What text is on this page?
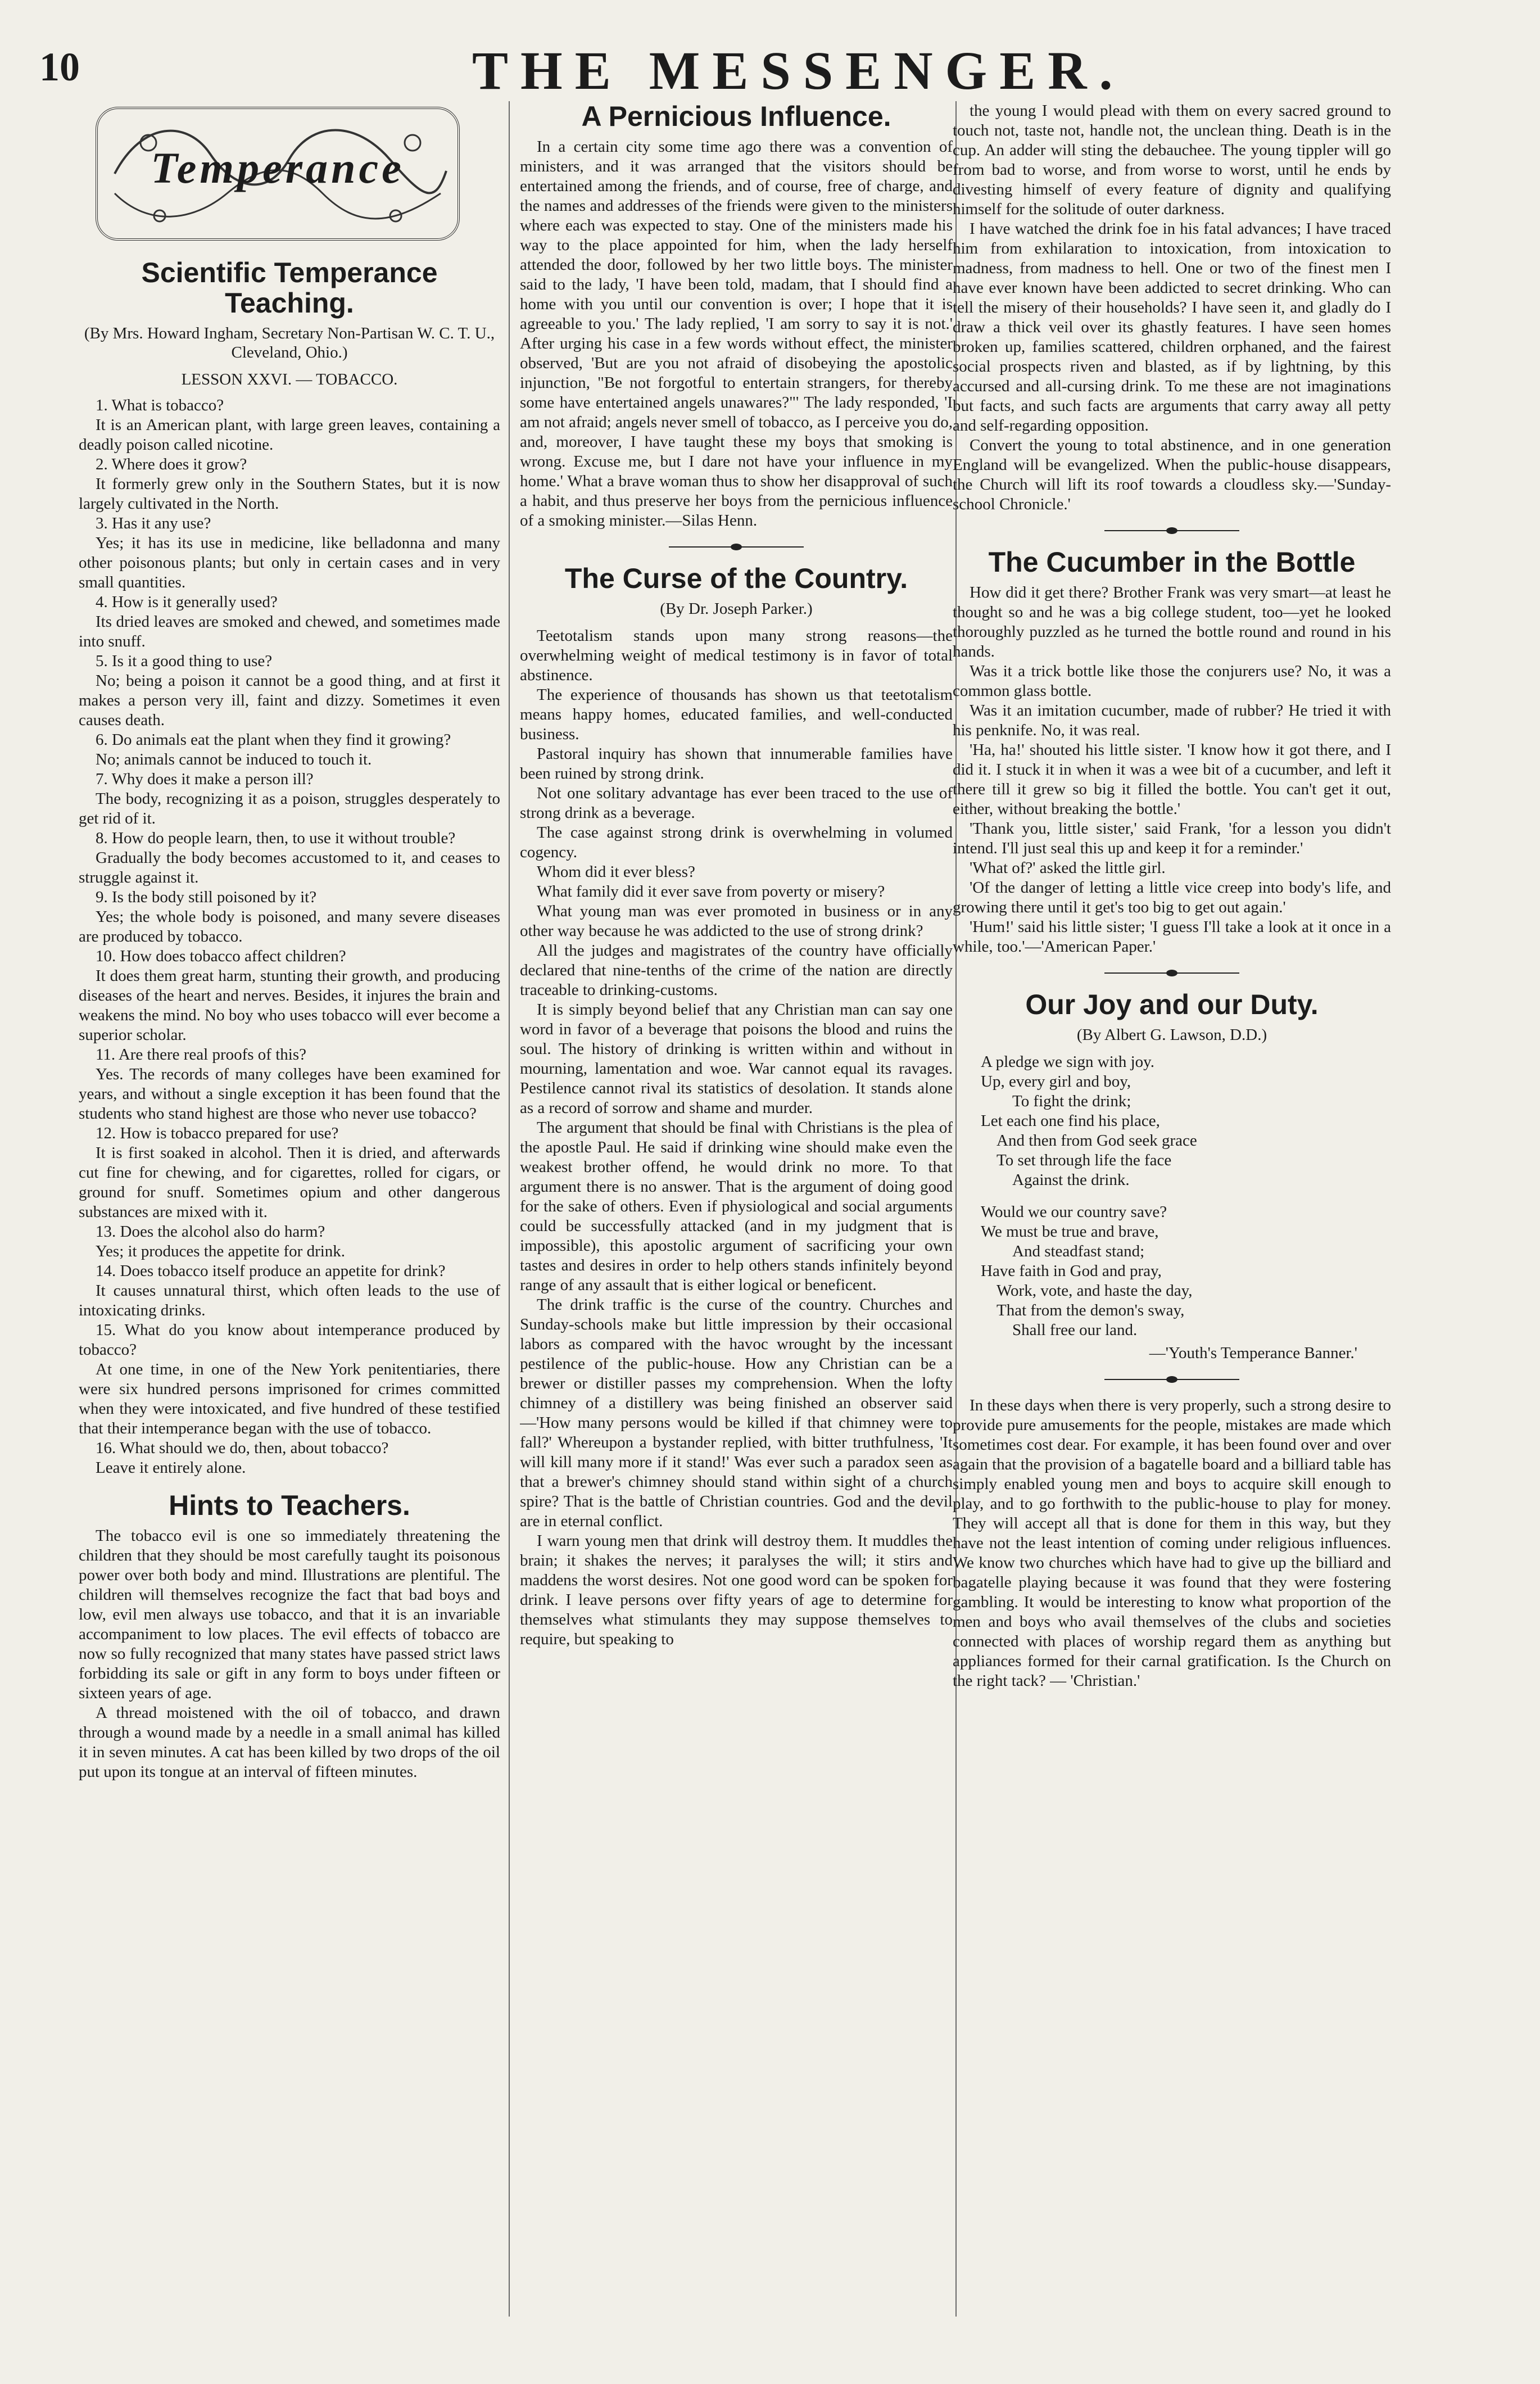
10	THE MESSENGER.
Temperance
Scientific Temperance Teaching.
(By Mrs. Howard Ingham, Secretary Non-Partisan W. C. T. U., Cleveland, Ohio.)
LESSON XXVI. — TOBACCO.

1. What is tobacco?

It is an American plant, with large green leaves, containing a deadly poison called nicotine.

2. Where does it grow?

It formerly grew only in the Southern States, but it is now largely cultivated in the North.

3. Has it any use?

Yes; it has its use in medicine, like belladonna and many other poisonous plants; but only in certain cases and in very small quantities.

4. How is it generally used?

Its dried leaves are smoked and chewed, and sometimes made into snuff.

5. Is it a good thing to use?

No; being a poison it cannot be a good thing, and at first it makes a person very ill, faint and dizzy. Sometimes it even causes death.

6. Do animals eat the plant when they find it growing?

No; animals cannot be induced to touch it.

7. Why does it make a person ill?

The body, recognizing it as a poison, struggles desperately to get rid of it.

8. How do people learn, then, to use it without trouble?

Gradually the body becomes accustomed to it, and ceases to struggle against it.

9. Is the body still poisoned by it?

Yes; the whole body is poisoned, and many severe diseases are produced by tobacco.

10. How does tobacco affect children?

It does them great harm, stunting their growth, and producing diseases of the heart and nerves. Besides, it injures the brain and weakens the mind. No boy who uses tobacco will ever become a superior scholar.

11. Are there real proofs of this?

Yes. The records of many colleges have been examined for years, and without a single exception it has been found that the students who stand highest are those who never use tobacco?

12. How is tobacco prepared for use?

It is first soaked in alcohol. Then it is dried, and afterwards cut fine for chewing, and for cigarettes, rolled for cigars, or ground for snuff. Sometimes opium and other dangerous substances are mixed with it.

13. Does the alcohol also do harm?

Yes; it produces the appetite for drink.

14. Does tobacco itself produce an appetite for drink?

It causes unnatural thirst, which often leads to the use of intoxicating drinks.

15. What do you know about intemperance produced by tobacco?

At one time, in one of the New York penitentiaries, there were six hundred persons imprisoned for crimes committed when they were intoxicated, and five hundred of these testified that their intemperance began with the use of tobacco.

16. What should we do, then, about tobacco?

Leave it entirely alone.

Hints to Teachers.

The tobacco evil is one so immediately threatening the children that they should be most carefully taught its poisonous power over both body and mind. Illustrations are plentiful. The children will themselves recognize the fact that bad boys and low, evil men always use tobacco, and that it is an invariable accompaniment to low places. The evil effects of tobacco are now so fully recognized that many states have passed strict laws forbidding its sale or gift in any form to boys under fifteen or sixteen years of age.

A thread moistened with the oil of tobacco, and drawn through a wound made by a needle in a small animal has killed it in seven minutes. A cat has been killed by two drops of the oil put upon its tongue at an interval of fifteen minutes.

A Pernicious Influence.

In a certain city some time ago there was a convention of ministers, and it was arranged that the visitors should be entertained among the friends, and of course, free of charge, and the names and addresses of the friends were given to the ministers where each was expected to stay. One of the ministers made his way to the place appointed for him, when the lady herself attended the door, followed by her two little boys. The minister said to the lady, 'I have been told, madam, that I should find a home with you until our convention is over; I hope that it is agreeable to you.' The lady replied, 'I am sorry to say it is not.' After urging his case in a few words without effect, the minister observed, 'But are you not afraid of disobeying the apostolic injunction, "Be not forgotful to entertain strangers, for thereby some have entertained angels unawares?"' The lady responded, 'I am not afraid; angels never smell of tobacco, as I perceive you do, and, moreover, I have taught these my boys that smoking is wrong. Excuse me, but I dare not have your influence in my home.' What a brave woman thus to show her disapproval of such a habit, and thus preserve her boys from the pernicious influence of a smoking minister.—Silas Henn.

The Curse of the Country.
(By Dr. Joseph Parker.)

Teetotalism stands upon many strong reasons—the overwhelming weight of medical testimony is in favor of total abstinence.

The experience of thousands has shown us that teetotalism means happy homes, educated families, and well-conducted business.

Pastoral inquiry has shown that innumerable families have been ruined by strong drink.

Not one solitary advantage has ever been traced to the use of strong drink as a beverage.

The case against strong drink is overwhelming in volumed cogency.

Whom did it ever bless?

What family did it ever save from poverty or misery?

What young man was ever promoted in business or in any other way because he was addicted to the use of strong drink?

All the judges and magistrates of the country have officially declared that nine-tenths of the crime of the nation are directly traceable to drinking-customs.

It is simply beyond belief that any Christian man can say one word in favor of a beverage that poisons the blood and ruins the soul. The history of drinking is written within and without in mourning, lamentation and woe. War cannot equal its ravages. Pestilence cannot rival its statistics of desolation. It stands alone as a record of sorrow and shame and murder.

The argument that should be final with Christians is the plea of the apostle Paul. He said if drinking wine should make even the weakest brother offend, he would drink no more. To that argument there is no answer. That is the argument of doing good for the sake of others. Even if physiological and social arguments could be successfully attacked (and in my judgment that is impossible), this apostolic argument of sacrificing your own tastes and desires in order to help others stands infinitely beyond range of any assault that is either logical or beneficent.

The drink traffic is the curse of the country. Churches and Sunday-schools make but little impression by their occasional labors as compared with the havoc wrought by the incessant pestilence of the public-house. How any Christian can be a brewer or distiller passes my comprehension. When the lofty chimney of a distillery was being finished an observer said—'How many persons would be killed if that chimney were to fall?' Whereupon a bystander replied, with bitter truthfulness, 'It will kill many more if it stand!' Was ever such a paradox seen as that a brewer's chimney should stand within sight of a church spire? That is the battle of Christian countries. God and the devil are in eternal conflict.

I warn young men that drink will destroy them. It muddles the brain; it shakes the nerves; it paralyses the will; it stirs and maddens the worst desires. Not one good word can be spoken for drink. I leave persons over fifty years of age to determine for themselves what stimulants they may suppose themselves to require, but speaking to

the young I would plead with them on every sacred ground to touch not, taste not, handle not, the unclean thing. Death is in the cup. An adder will sting the debauchee. The young tippler will go from bad to worse, and from worse to worst, until he ends by divesting himself of every feature of dignity and qualifying himself for the solitude of outer darkness.

I have watched the drink foe in his fatal advances; I have traced him from exhilaration to intoxication, from intoxication to madness, from madness to hell. One or two of the finest men I have ever known have been addicted to secret drinking. Who can tell the misery of their households? I have seen it, and gladly do I draw a thick veil over its ghastly features. I have seen homes broken up, families scattered, children orphaned, and the fairest social prospects riven and blasted, as if by lightning, by this accursed and all-cursing drink. To me these are not imaginations but facts, and such facts are arguments that carry away all petty and self-regarding opposition.

Convert the young to total abstinence, and in one generation England will be evangelized. When the public-house disappears, the Church will lift its roof towards a cloudless sky.—'Sunday-school Chronicle.'

The Cucumber in the Bottle

How did it get there? Brother Frank was very smart—at least he thought so and he was a big college student, too—yet he looked thoroughly puzzled as he turned the bottle round and round in his hands.

Was it a trick bottle like those the conjurers use? No, it was a common glass bottle.

Was it an imitation cucumber, made of rubber? He tried it with his penknife. No, it was real.

'Ha, ha!' shouted his little sister. 'I know how it got there, and I did it. I stuck it in when it was a wee bit of a cucumber, and left it there till it grew so big it filled the bottle. You can't get it out, either, without breaking the bottle.'

'Thank you, little sister,' said Frank, 'for a lesson you didn't intend. I'll just seal this up and keep it for a reminder.'

'What of?' asked the little girl.

'Of the danger of letting a little vice creep into body's life, and growing there until it get's too big to get out again.'

'Hum!' said his little sister; 'I guess I'll take a look at it once in a while, too.'—'American Paper.'

Our Joy and our Duty.
(By Albert G. Lawson, D.D.)

A pledge we sign with joy.

Up, every girl and boy,

To fight the drink;

Let each one find his place,

And then from God seek grace

To set through life the face

Against the drink.

Would we our country save?

We must be true and brave,

And steadfast stand;

Have faith in God and pray,

Work, vote, and haste the day,

That from the demon's sway,

Shall free our land.

—'Youth's Temperance Banner.'

In these days when there is very properly, such a strong desire to provide pure amusements for the people, mistakes are made which sometimes cost dear. For example, it has been found over and over again that the provision of a bagatelle board and a billiard table has simply enabled young men and boys to acquire skill enough to play, and to go forthwith to the public-house to play for money. They will accept all that is done for them in this way, but they have not the least intention of coming under religious influences. We know two churches which have had to give up the billiard and bagatelle playing because it was found that they were fostering gambling. It would be interesting to know what proportion of the men and boys who avail themselves of the clubs and societies connected with places of worship regard them as anything but appliances formed for their carnal gratification. Is the Church on the right tack? — 'Christian.'
